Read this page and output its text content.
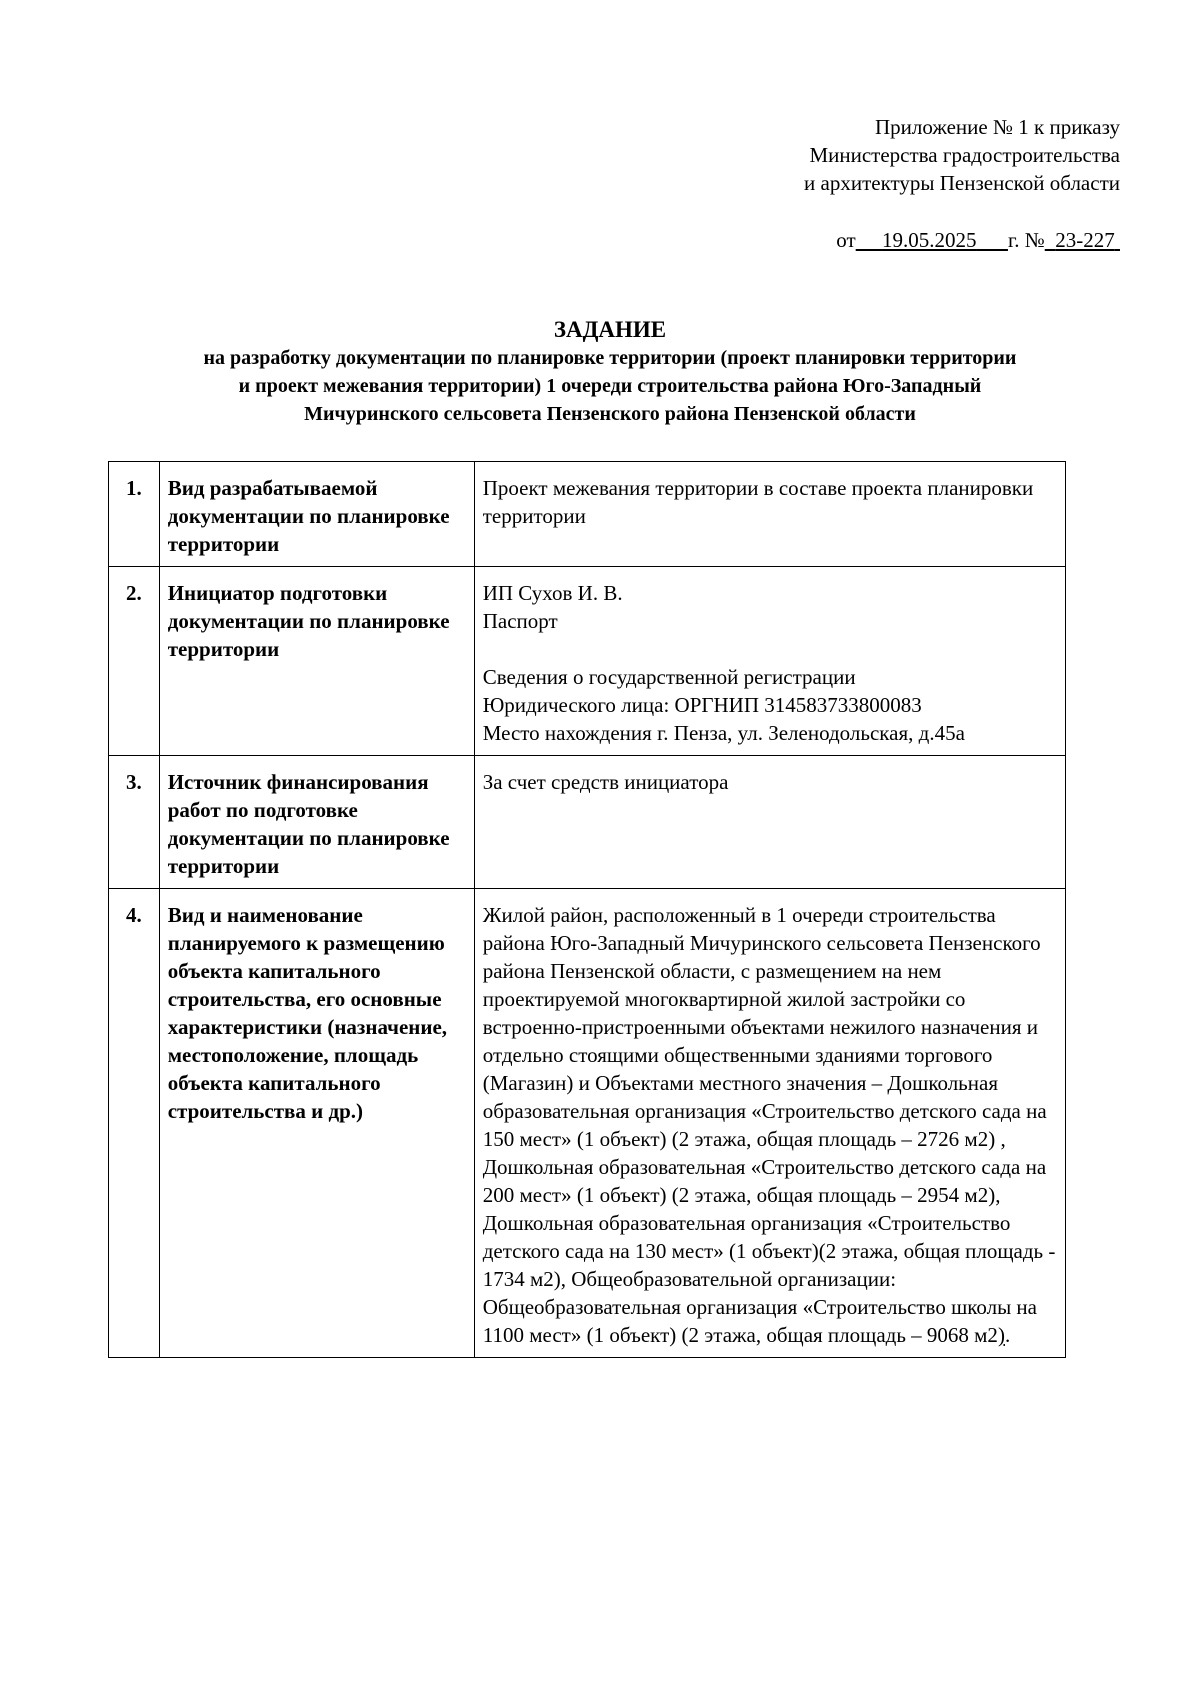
Приложение № 1 к приказу
Министерства градостроительства
и архитектуры Пензенской области
от 19.05.2025 г. № 23-227
ЗАДАНИЕ
на разработку документации по планировке территории (проект планировки территории
и проект межевания территории) 1 очереди строительства района Юго-Западный
Мичуринского сельсовета Пензенского района Пензенской области
1.	Вид разрабатываемой документации по планировке территории	Проект межевания территории в составе проекта планировки территории
2.	Инициатор подготовки документации по планировке территории	ИП Сухов И. В.
Паспорт
Сведения о государственной регистрации
Юридического лица: ОРГНИП 314583733800083
Место нахождения г. Пенза, ул. Зеленодольская, д.45а

3.	Источник финансирования работ по подготовке документации по планировке территории	За счет средств инициатора
4.	Вид и наименование планируемого к размещению объекта капитального строительства, его основные характеристики (назначение, местоположение, площадь объекта капитального строительства и др.)	Жилой район, расположенный в 1 очереди строительства района Юго-Западный Мичуринского сельсовета Пензенского района Пензенской области, с размещением на нем проектируемой многоквартирной жилой застройки со встроенно-пристроенными объектами нежилого назначения и отдельно стоящими общественными зданиями торгового (Магазин) и Объектами местного значения – Дошкольная образовательная организация «Строительство детского сада на 150 мест» (1 объект) (2 этажа, общая площадь – 2726 м2) , Дошкольная образовательная «Строительство детского сада на 200 мест» (1 объект) (2 этажа, общая площадь – 2954 м2), Дошкольная образовательная организация «Строительство детского сада на 130 мест» (1 объект)(2 этажа, общая площадь - 1734 м2), Общеобразовательной организации: Общеобразовательная организация «Строительство школы на 1100 мест» (1 объект) (2 этажа, общая площадь – 9068 м2).
